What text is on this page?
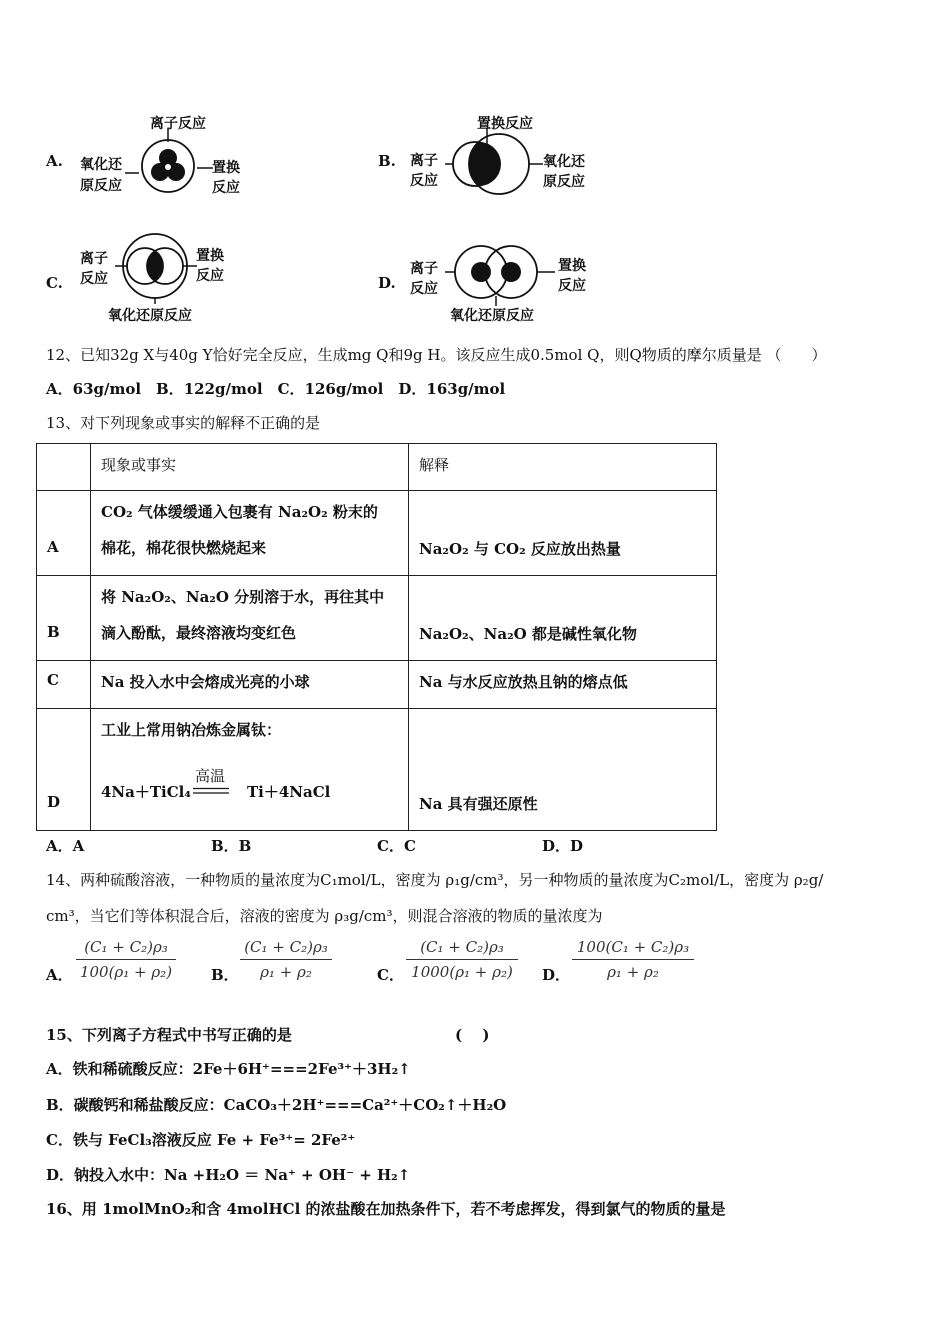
A.
离子反应
氧化还
原反应
置换
反应
B.
置换反应
离子
反应
氧化还
原反应
C.
离子
反应
置换
反应
氧化还原反应
D.
离子
反应
置换
反应
氧化还原反应
12、已知32g X与40g Y恰好完全反应，生成mg Q和9g H。该反应生成0.5mol Q，则Q物质的摩尔质量是 （　　）
A．63g/mol　B．122g/mol　C．126g/mol　D．163g/mol
13、对下列现象或事实的解释不正确的是

	现象或事实	解释

A	CO₂ 气体缓缓通入包裹有 Na₂O₂ 粉末的
棉花，棉花很快燃烧起来	Na₂O₂ 与 CO₂ 反应放出热量

B	将 Na₂O₂、Na₂O 分别溶于水，再往其中
滴入酚酞，最终溶液均变红色	Na₂O₂、Na₂O 都是碱性氧化物

C	Na 投入水中会熔成光亮的小球	Na 与水反应放热且钠的熔点低

D	工业上常用钠冶炼金属钛：
4Na＋TiCl₄
高温
Ti＋4NaCl	Na 具有强还原性
A．A	B．B	C．C	D．D
14、两种硫酸溶液，一种物质的量浓度为C₁mol/L，密度为 ρ₁g/cm³，另一种物质的量浓度为C₂mol/L，密度为 ρ₂g/
cm³，当它们等体积混合后，溶液的密度为 ρ₃g/cm³，则混合溶液的物质的量浓度为
A．
(C₁ + C₂)ρ₃
100(ρ₁ + ρ₂)	B．
(C₁ + C₂)ρ₃
ρ₁ + ρ₂	C．
(C₁ + C₂)ρ₃
1000(ρ₁ + ρ₂)	D．
100(C₁ + C₂)ρ₃
ρ₁ + ρ₂
15、下列离子方程式中书写正确的是	(　 )
A．铁和稀硫酸反应：2Fe＋6H⁺===2Fe³⁺＋3H₂↑
B．碳酸钙和稀盐酸反应：CaCO₃＋2H⁺===Ca²⁺＋CO₂↑＋H₂O
C．铁与 FeCl₃溶液反应 Fe + Fe³⁺= 2Fe²⁺
D．钠投入水中：Na +H₂O ＝ Na⁺ + OH⁻ + H₂↑
16、用 1molMnO₂和含 4molHCl 的浓盐酸在加热条件下，若不考虑挥发，得到氯气的物质的量是
